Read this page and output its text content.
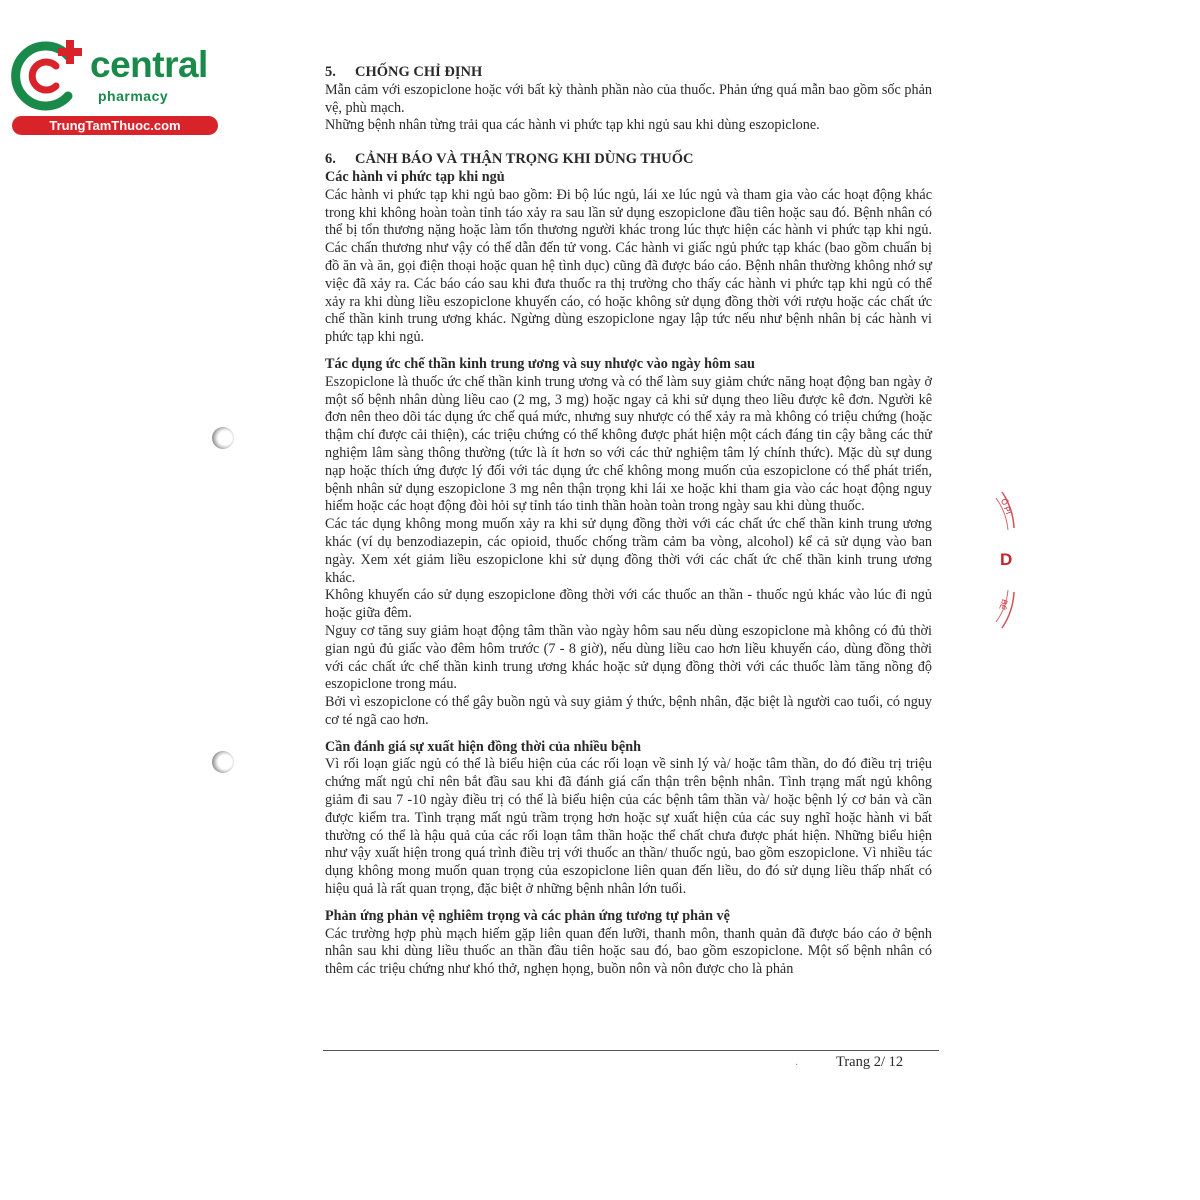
central
pharmacy
TrungTamThuoc.com
Ô PI
D
BÊ
5. CHỐNG CHỈ ĐỊNH

Mẫn cảm với eszopiclone hoặc với bất kỳ thành phần nào của thuốc. Phản ứng quá mẫn bao gồm sốc phản vệ, phù mạch.

Những bệnh nhân từng trải qua các hành vi phức tạp khi ngủ sau khi dùng eszopiclone.

6. CẢNH BÁO VÀ THẬN TRỌNG KHI DÙNG THUỐC
Các hành vi phức tạp khi ngủ

Các hành vi phức tạp khi ngủ bao gồm: Đi bộ lúc ngủ, lái xe lúc ngủ và tham gia vào các hoạt động khác trong khi không hoàn toàn tỉnh táo xảy ra sau lần sử dụng eszopiclone đầu tiên hoặc sau đó. Bệnh nhân có thể bị tổn thương nặng hoặc làm tổn thương người khác trong lúc thực hiện các hành vi phức tạp khi ngủ. Các chấn thương như vậy có thể dẫn đến tử vong. Các hành vi giấc ngủ phức tạp khác (bao gồm chuẩn bị đồ ăn và ăn, gọi điện thoại hoặc quan hệ tình dục) cũng đã được báo cáo. Bệnh nhân thường không nhớ sự việc đã xảy ra. Các báo cáo sau khi đưa thuốc ra thị trường cho thấy các hành vi phức tạp khi ngủ có thể xảy ra khi dùng liều eszopiclone khuyến cáo, có hoặc không sử dụng đồng thời với rượu hoặc các chất ức chế thần kinh trung ương khác. Ngừng dùng eszopiclone ngay lập tức nếu như bệnh nhân bị các hành vi phức tạp khi ngủ.

Tác dụng ức chế thần kinh trung ương và suy nhược vào ngày hôm sau

Eszopiclone là thuốc ức chế thần kinh trung ương và có thể làm suy giảm chức năng hoạt động ban ngày ở một số bệnh nhân dùng liều cao (2 mg, 3 mg) hoặc ngay cả khi sử dụng theo liều được kê đơn. Người kê đơn nên theo dõi tác dụng ức chế quá mức, nhưng suy nhược có thể xảy ra mà không có triệu chứng (hoặc thậm chí được cải thiện), các triệu chứng có thể không được phát hiện một cách đáng tin cậy bằng các thử nghiệm lâm sàng thông thường (tức là ít hơn so với các thử nghiệm tâm lý chính thức). Mặc dù sự dung nạp hoặc thích ứng được lý đối với tác dụng ức chế không mong muốn của eszopiclone có thể phát triển, bệnh nhân sử dụng eszopiclone 3 mg nên thận trọng khi lái xe hoặc khi tham gia vào các hoạt động nguy hiểm hoặc các hoạt động đòi hỏi sự tỉnh táo tinh thần hoàn toàn trong ngày sau khi dùng thuốc.

Các tác dụng không mong muốn xảy ra khi sử dụng đồng thời với các chất ức chế thần kinh trung ương khác (ví dụ benzodiazepin, các opioid, thuốc chống trầm cảm ba vòng, alcohol) kể cả sử dụng vào ban ngày. Xem xét giảm liều eszopiclone khi sử dụng đồng thời với các chất ức chế thần kinh trung ương khác.

Không khuyến cáo sử dụng eszopiclone đồng thời với các thuốc an thần - thuốc ngủ khác vào lúc đi ngủ hoặc giữa đêm.

Nguy cơ tăng suy giảm hoạt động tâm thần vào ngày hôm sau nếu dùng eszopiclone mà không có đủ thời gian ngủ đủ giấc vào đêm hôm trước (7 - 8 giờ), nếu dùng liều cao hơn liều khuyến cáo, dùng đồng thời với các chất ức chế thần kinh trung ương khác hoặc sử dụng đồng thời với các thuốc làm tăng nồng độ eszopiclone trong máu.

Bởi vì eszopiclone có thể gây buồn ngủ và suy giảm ý thức, bệnh nhân, đặc biệt là người cao tuổi, có nguy cơ té ngã cao hơn.

Cần đánh giá sự xuất hiện đồng thời của nhiều bệnh

Vì rối loạn giấc ngủ có thể là biểu hiện của các rối loạn về sinh lý và/ hoặc tâm thần, do đó điều trị triệu chứng mất ngủ chỉ nên bắt đầu sau khi đã đánh giá cẩn thận trên bệnh nhân. Tình trạng mất ngủ không giảm đi sau 7 -10 ngày điều trị có thể là biểu hiện của các bệnh tâm thần và/ hoặc bệnh lý cơ bản và cần được kiểm tra. Tình trạng mất ngủ trầm trọng hơn hoặc sự xuất hiện của các suy nghĩ hoặc hành vi bất thường có thể là hậu quả của các rối loạn tâm thần hoặc thể chất chưa được phát hiện. Những biểu hiện như vậy xuất hiện trong quá trình điều trị với thuốc an thần/ thuốc ngủ, bao gồm eszopiclone. Vì nhiều tác dụng không mong muốn quan trọng của eszopiclone liên quan đến liều, do đó sử dụng liều thấp nhất có hiệu quả là rất quan trọng, đặc biệt ở những bệnh nhân lớn tuổi.

Phản ứng phản vệ nghiêm trọng và các phản ứng tương tự phản vệ

Các trường hợp phù mạch hiếm gặp liên quan đến lưỡi, thanh môn, thanh quản đã được báo cáo ở bệnh nhân sau khi dùng liều thuốc an thần đầu tiên hoặc sau đó, bao gồm eszopiclone. Một số bệnh nhân có thêm các triệu chứng như khó thở, nghẹn họng, buồn nôn và nôn được cho là phản

·	Trang 2/ 12
